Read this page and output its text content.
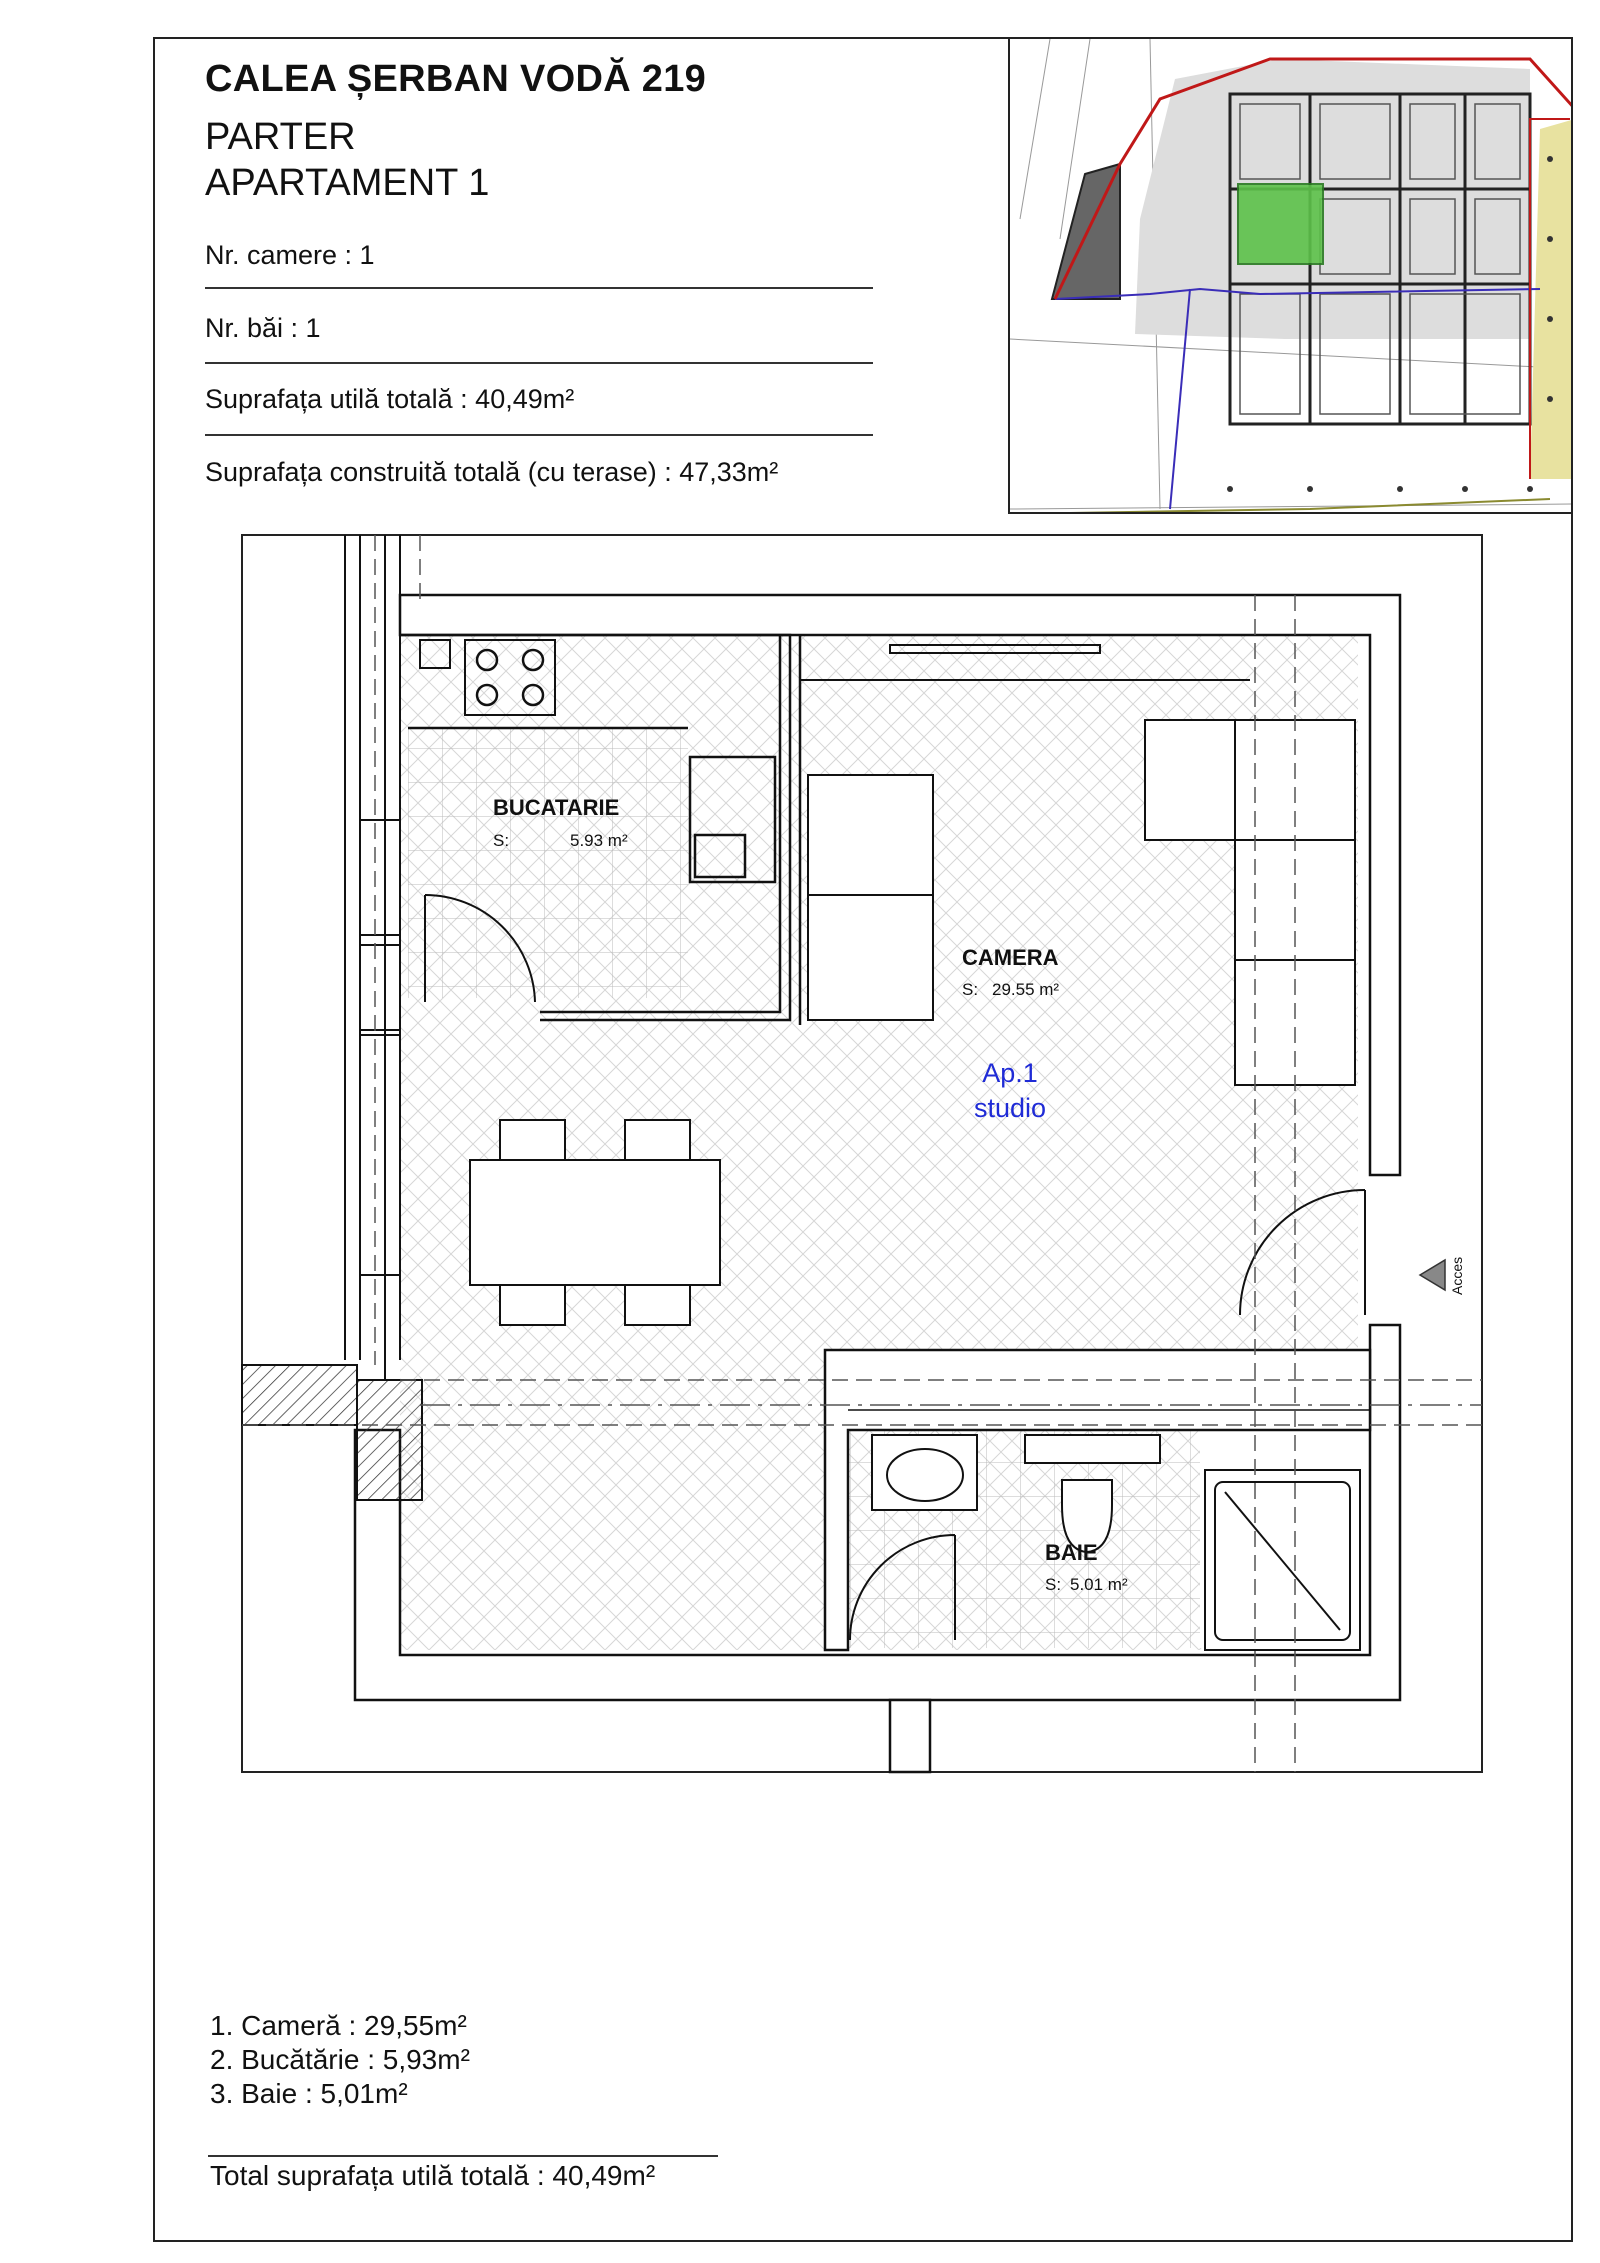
CALEA ȘERBAN VODĂ 219
PARTER
APARTAMENT 1
Nr. camere : 1
Nr. băi : 1
Suprafața utilă totală : 40,49m²
Suprafața construită totală (cu terase) : 47,33m²
BUCATARIE
S:	5.93 m²
CAMERA
S: 29.55 m²
BAIE
S: 5.01 m²
Ap.1
studio
Acces
1. Cameră : 29,55m²
2. Bucătărie : 5,93m²
3. Baie : 5,01m²
Total suprafața utilă totală : 40,49m²
